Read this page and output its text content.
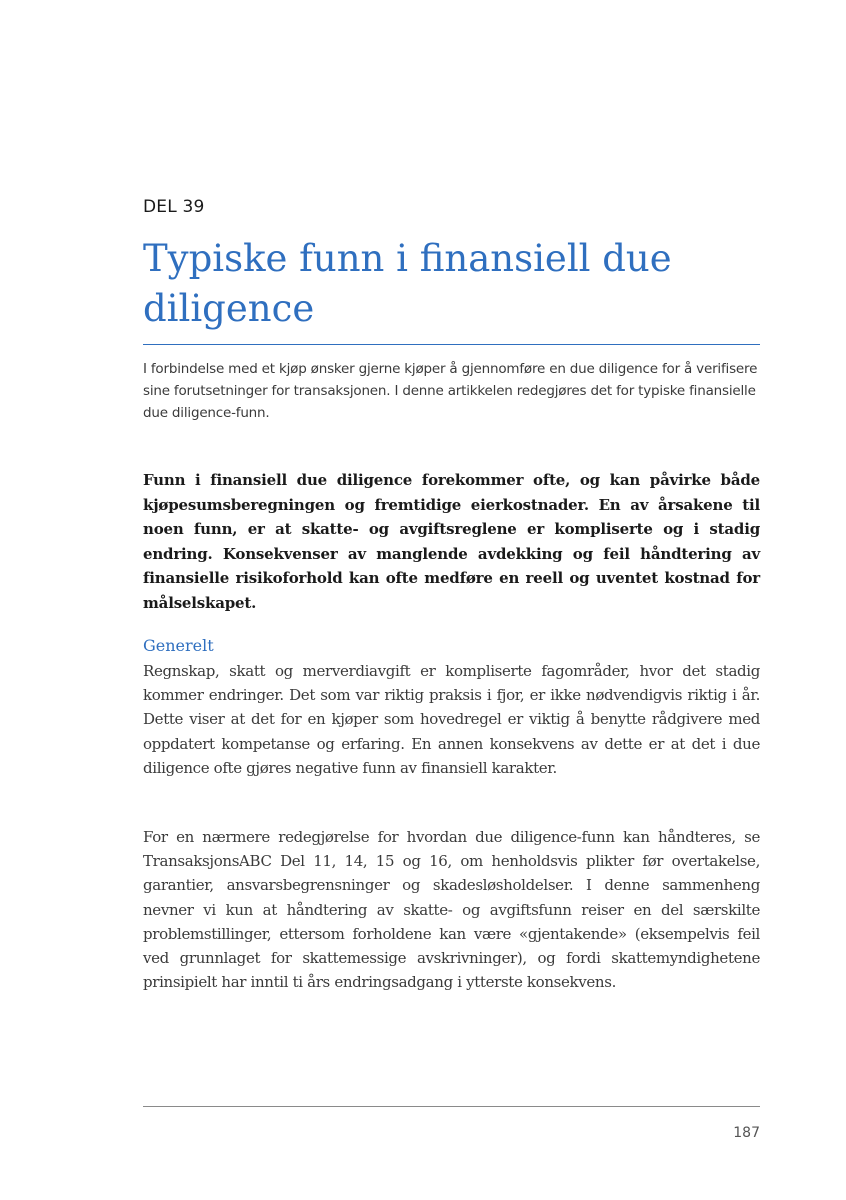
DEL 39
Typiske funn i finansiell due diligence

I forbindelse med et kjøp ønsker gjerne kjøper å gjennomføre en due diligence for å verifisere sine forutsetninger for transaksjonen. I denne artikkelen redegjøres det for typiske finansielle due diligence-funn.

Funn i finansiell due diligence forekommer ofte, og kan påvirke både kjøpesumsberegningen og fremtidige eierkostnader. En av årsakene til noen funn, er at skatte- og avgiftsreglene er kompliserte og i stadig endring. Konsekvenser av manglende avdekking og feil håndtering av finansielle risikoforhold kan ofte medføre en reell og uventet kostnad for målselskapet.

Generelt

Regnskap, skatt og merverdiavgift er kompliserte fagområder, hvor det stadig kommer endringer. Det som var riktig praksis i fjor, er ikke nødvendigvis riktig i år. Dette viser at det for en kjøper som hovedregel er viktig å benytte rådgivere med oppdatert kompetanse og erfaring. En annen konsekvens av dette er at det i due diligence ofte gjøres negative funn av finansiell karakter.

For en nærmere redegjørelse for hvordan due diligence-funn kan håndteres, se TransaksjonsABC Del 11, 14, 15 og 16, om henholdsvis plikter før overtakelse, garantier, ansvarsbegrensninger og skadesløsholdelser. I denne sammenheng nevner vi kun at håndtering av skatte- og avgiftsfunn reiser en del særskilte problemstillinger, ettersom forholdene kan være «gjentakende» (eksempelvis feil ved grunnlaget for skattemessige avskrivninger), og fordi skattemyndighetene prinsipielt har inntil ti års endringsadgang i ytterste konsekvens.

187
